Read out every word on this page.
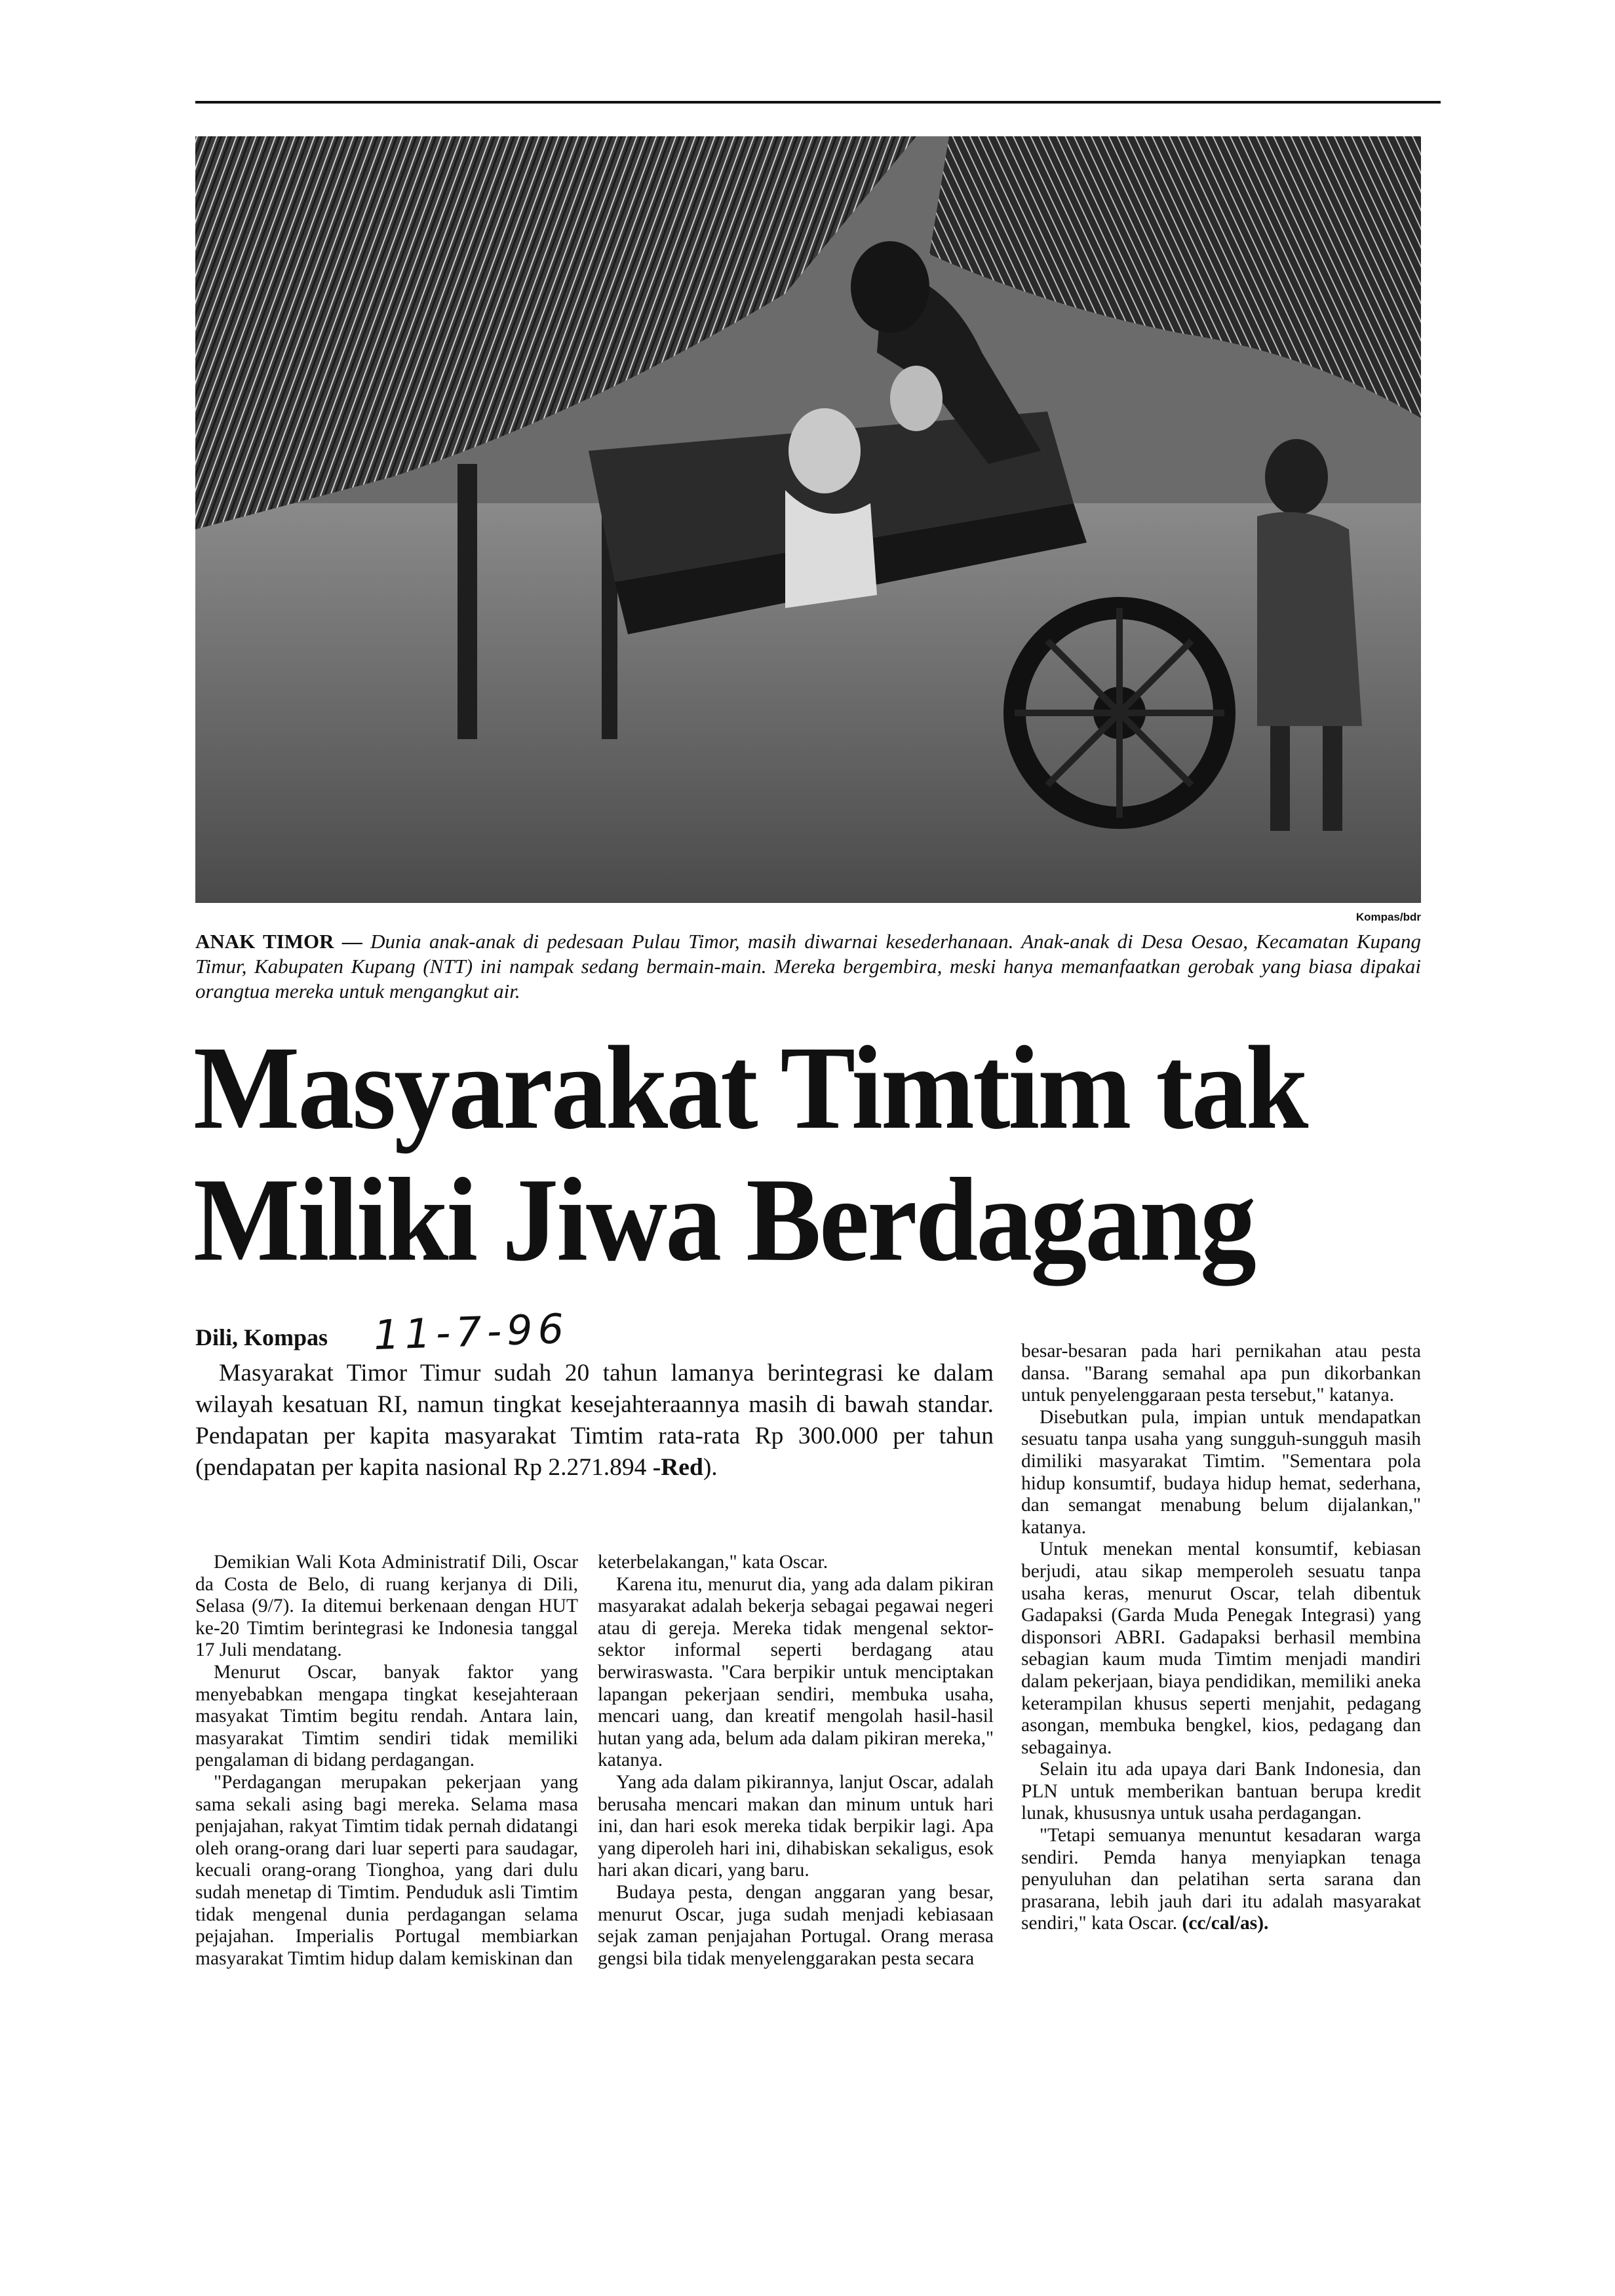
Kompas/bdr
ANAK TIMOR — Dunia anak-anak di pedesaan Pulau Timor, masih diwarnai kesederhanaan. Anak-anak di Desa Oesao, Kecamatan Kupang Timur, Kabupaten Kupang (NTT) ini nampak sedang bermain-main. Mereka bergembira, meski hanya memanfaatkan gerobak yang biasa dipakai orangtua mereka untuk mengangkut air.
Masyarakat Timtim tak
Miliki Jiwa Berdagang
Dili, Kompas 11-7-96
Masyarakat Timor Timur sudah 20 tahun lamanya berintegrasi ke dalam wilayah kesatuan RI, namun tingkat kesejahteraannya masih di bawah standar. Pendapatan per kapita masyarakat Timtim rata-rata Rp 300.000 per tahun (pendapatan per kapita nasional Rp 2.271.894 -Red).

Demikian Wali Kota Administratif Dili, Oscar da Costa de Belo, di ruang kerjanya di Dili, Selasa (9/7). Ia ditemui berkenaan dengan HUT ke-20 Timtim berintegrasi ke Indonesia tanggal 17 Juli mendatang.

Menurut Oscar, banyak faktor yang menyebabkan mengapa tingkat kesejahteraan masyakat Timtim begitu rendah. Antara lain, masyarakat Timtim sendiri tidak memiliki pengalaman di bidang perdagangan.

"Perdagangan merupakan pekerjaan yang sama sekali asing bagi mereka. Selama masa penjajahan, rakyat Timtim tidak pernah didatangi oleh orang-orang dari luar seperti para saudagar, kecuali orang-orang Tionghoa, yang dari dulu sudah menetap di Timtim. Penduduk asli Timtim tidak mengenal dunia perdagangan selama pejajahan. Imperialis Portugal membiarkan masyarakat Timtim hidup dalam kemiskinan dan

keterbelakangan," kata Oscar.

Karena itu, menurut dia, yang ada dalam pikiran masyarakat adalah bekerja sebagai pegawai negeri atau di gereja. Mereka tidak mengenal sektor-sektor informal seperti berdagang atau berwiraswasta. "Cara berpikir untuk menciptakan lapangan pekerjaan sendiri, membuka usaha, mencari uang, dan kreatif mengolah hasil-hasil hutan yang ada, belum ada dalam pikiran mereka," katanya.

Yang ada dalam pikirannya, lanjut Oscar, adalah berusaha mencari makan dan minum untuk hari ini, dan hari esok mereka tidak berpikir lagi. Apa yang diperoleh hari ini, dihabiskan sekaligus, esok hari akan dicari, yang baru.

Budaya pesta, dengan anggaran yang besar, menurut Oscar, juga sudah menjadi kebiasaan sejak zaman penjajahan Portugal. Orang merasa gengsi bila tidak menyelenggarakan pesta secara

besar-besaran pada hari pernikahan atau pesta dansa. "Barang semahal apa pun dikorbankan untuk penyelenggaraan pesta tersebut," katanya.

Disebutkan pula, impian untuk mendapatkan sesuatu tanpa usaha yang sungguh-sungguh masih dimiliki masyarakat Timtim. "Sementara pola hidup konsumtif, budaya hidup hemat, sederhana, dan semangat menabung belum dijalankan," katanya.

Untuk menekan mental konsumtif, kebiasan berjudi, atau sikap memperoleh sesuatu tanpa usaha keras, menurut Oscar, telah dibentuk Gadapaksi (Garda Muda Penegak Integrasi) yang disponsori ABRI. Gadapaksi berhasil membina sebagian kaum muda Timtim menjadi mandiri dalam pekerjaan, biaya pendidikan, memiliki aneka keterampilan khusus seperti menjahit, pedagang asongan, membuka bengkel, kios, pedagang dan sebagainya.

Selain itu ada upaya dari Bank Indonesia, dan PLN untuk memberikan bantuan berupa kredit lunak, khususnya untuk usaha perdagangan.

"Tetapi semuanya menuntut kesadaran warga sendiri. Pemda hanya menyiapkan tenaga penyuluhan dan pelatihan serta sarana dan prasarana, lebih jauh dari itu adalah masyarakat sendiri," kata Oscar. (cc/cal/as).
